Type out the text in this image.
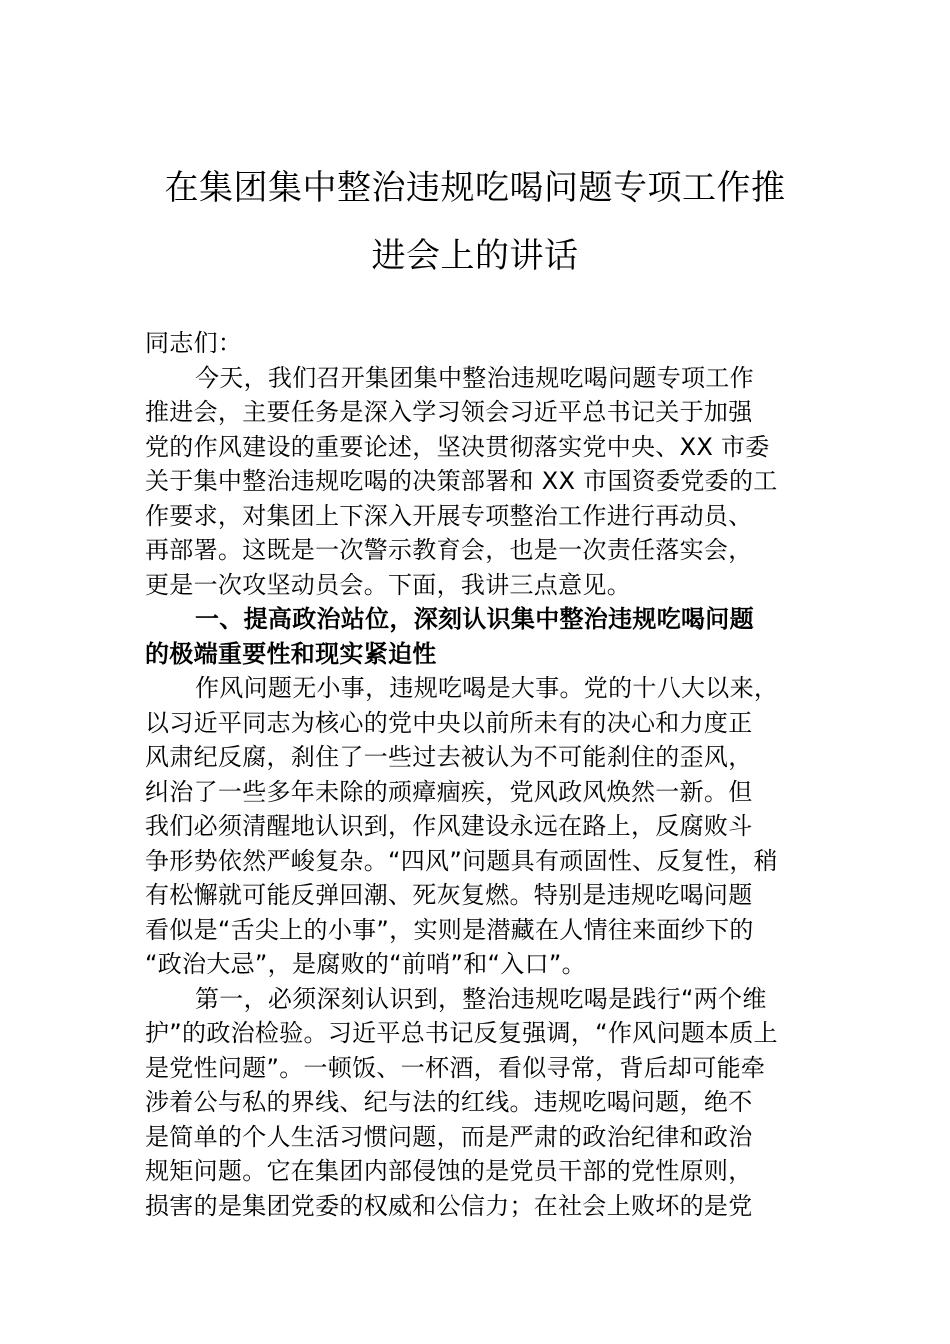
在集团集中整治违规吃喝问题专项工作推
进会上的讲话
同志们：
今天，我们召开集团集中整治违规吃喝问题专项工作
推进会，主要任务是深入学习领会习近平总书记关于加强
党的作风建设的重要论述，坚决贯彻落实党中央、XX 市委
关于集中整治违规吃喝的决策部署和 XX 市国资委党委的工
作要求，对集团上下深入开展专项整治工作进行再动员、
再部署。这既是一次警示教育会，也是一次责任落实会，
更是一次攻坚动员会。下面，我讲三点意见。
一、提高政治站位，深刻认识集中整治违规吃喝问题
的极端重要性和现实紧迫性
作风问题无小事，违规吃喝是大事。党的十八大以来，
以习近平同志为核心的党中央以前所未有的决心和力度正
风肃纪反腐，刹住了一些过去被认为不可能刹住的歪风，
纠治了一些多年未除的顽瘴痼疾，党风政风焕然一新。但
我们必须清醒地认识到，作风建设永远在路上，反腐败斗
争形势依然严峻复杂。“四风”问题具有顽固性、反复性，稍
有松懈就可能反弹回潮、死灰复燃。特别是违规吃喝问题
看似是“舌尖上的小事”，实则是潜藏在人情往来面纱下的
“政治大忌”，是腐败的“前哨”和“入口”。
第一，必须深刻认识到，整治违规吃喝是践行“两个维
护”的政治检验。习近平总书记反复强调，“作风问题本质上
是党性问题”。一顿饭、一杯酒，看似寻常，背后却可能牵
涉着公与私的界线、纪与法的红线。违规吃喝问题，绝不
是简单的个人生活习惯问题，而是严肃的政治纪律和政治
规矩问题。它在集团内部侵蚀的是党员干部的党性原则，
损害的是集团党委的权威和公信力；在社会上败坏的是党
